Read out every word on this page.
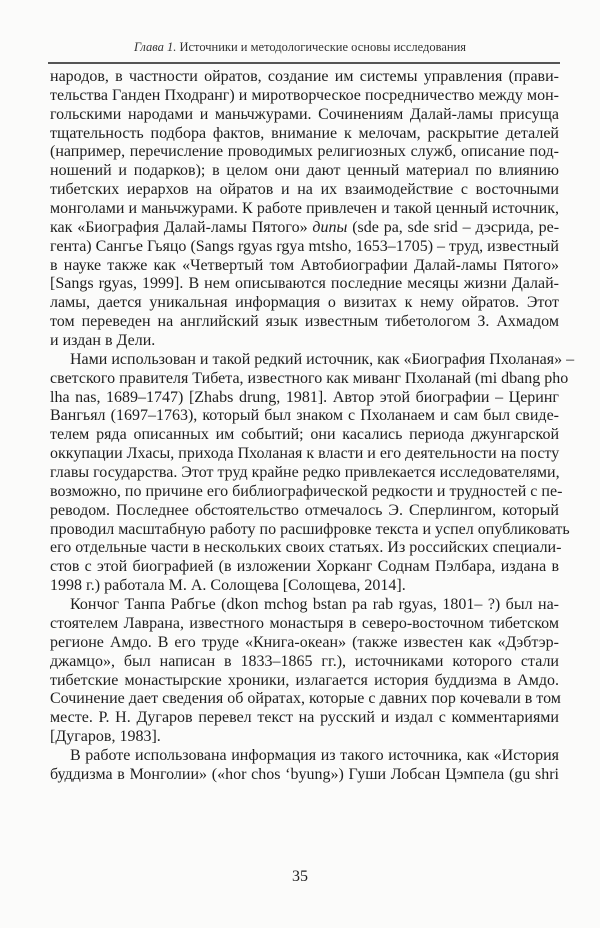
Глава 1. Источники и методологические основы исследования
народов, в частности ойратов, создание им системы управления (прави-
тельства Ганден Пходранг) и миротворческое посредничество между мон-
гольскими народами и маньчжурами. Сочинениям Далай-ламы присуща
тщательность подбора фактов, внимание к мелочам, раскрытие деталей
(например, перечисление проводимых религиозных служб, описание под-
ношений и подарков); в целом они дают ценный материал по влиянию
тибетских иерархов на ойратов и на их взаимодействие с восточными
монголами и маньчжурами. К работе привлечен и такой ценный источник,
как «Биография Далай-ламы Пятого» дипы (sde pa, sde srid – дэсрида, ре-
гента) Сангье Гьяцо (Sangs rgyas rgya mtsho, 1653–1705) – труд, известный
в науке также как «Четвертый том Автобиографии Далай-ламы Пятого»
[Sangs rgyas, 1999]. В нем описываются последние месяцы жизни Далай-
ламы, дается уникальная информация о визитах к нему ойратов. Этот
том переведен на английский язык известным тибетологом З. Ахмадом
и издан в Дели.
Нами использован и такой редкий источник, как «Биография Пхоланая» –
светского правителя Тибета, известного как миванг Пхоланай (mi dbang pho
lha nas, 1689–1747) [Zhabs drung, 1981]. Автор этой биографии – Церинг
Вангьял (1697–1763), который был знаком с Пхоланаем и сам был свиде-
телем ряда описанных им событий; они касались периода джунгарской
оккупации Лхасы, прихода Пхоланая к власти и его деятельности на посту
главы государства. Этот труд крайне редко привлекается исследователями,
возможно, по причине его библиографической редкости и трудностей с пе-
реводом. Последнее обстоятельство отмечалось Э. Сперлингом, который
проводил масштабную работу по расшифровке текста и успел опубликовать
его отдельные части в нескольких своих статьях. Из российских специали-
стов с этой биографией (в изложении Хорканг Соднам Пэлбара, издана в
1998 г.) работала М. А. Солощева [Солощева, 2014].
Кончог Танпа Рабгье (dkon mchog bstan pa rab rgyas, 1801– ?) был на-
стоятелем Лаврана, известного монастыря в северо-восточном тибетском
регионе Амдо. В его труде «Книга-океан» (также известен как «Дэбтэр-
джамцо», был написан в 1833–1865 гг.), источниками которого стали
тибетские монастырские хроники, излагается история буддизма в Амдо.
Сочинение дает сведения об ойратах, которые с давних пор кочевали в том
месте. Р. Н. Дугаров перевел текст на русский и издал с комментариями
[Дугаров, 1983].
В работе использована информация из такого источника, как «История
буддизма в Монголии» («hor chos ‘byung») Гуши Лобсан Цэмпела (gu shri
35
